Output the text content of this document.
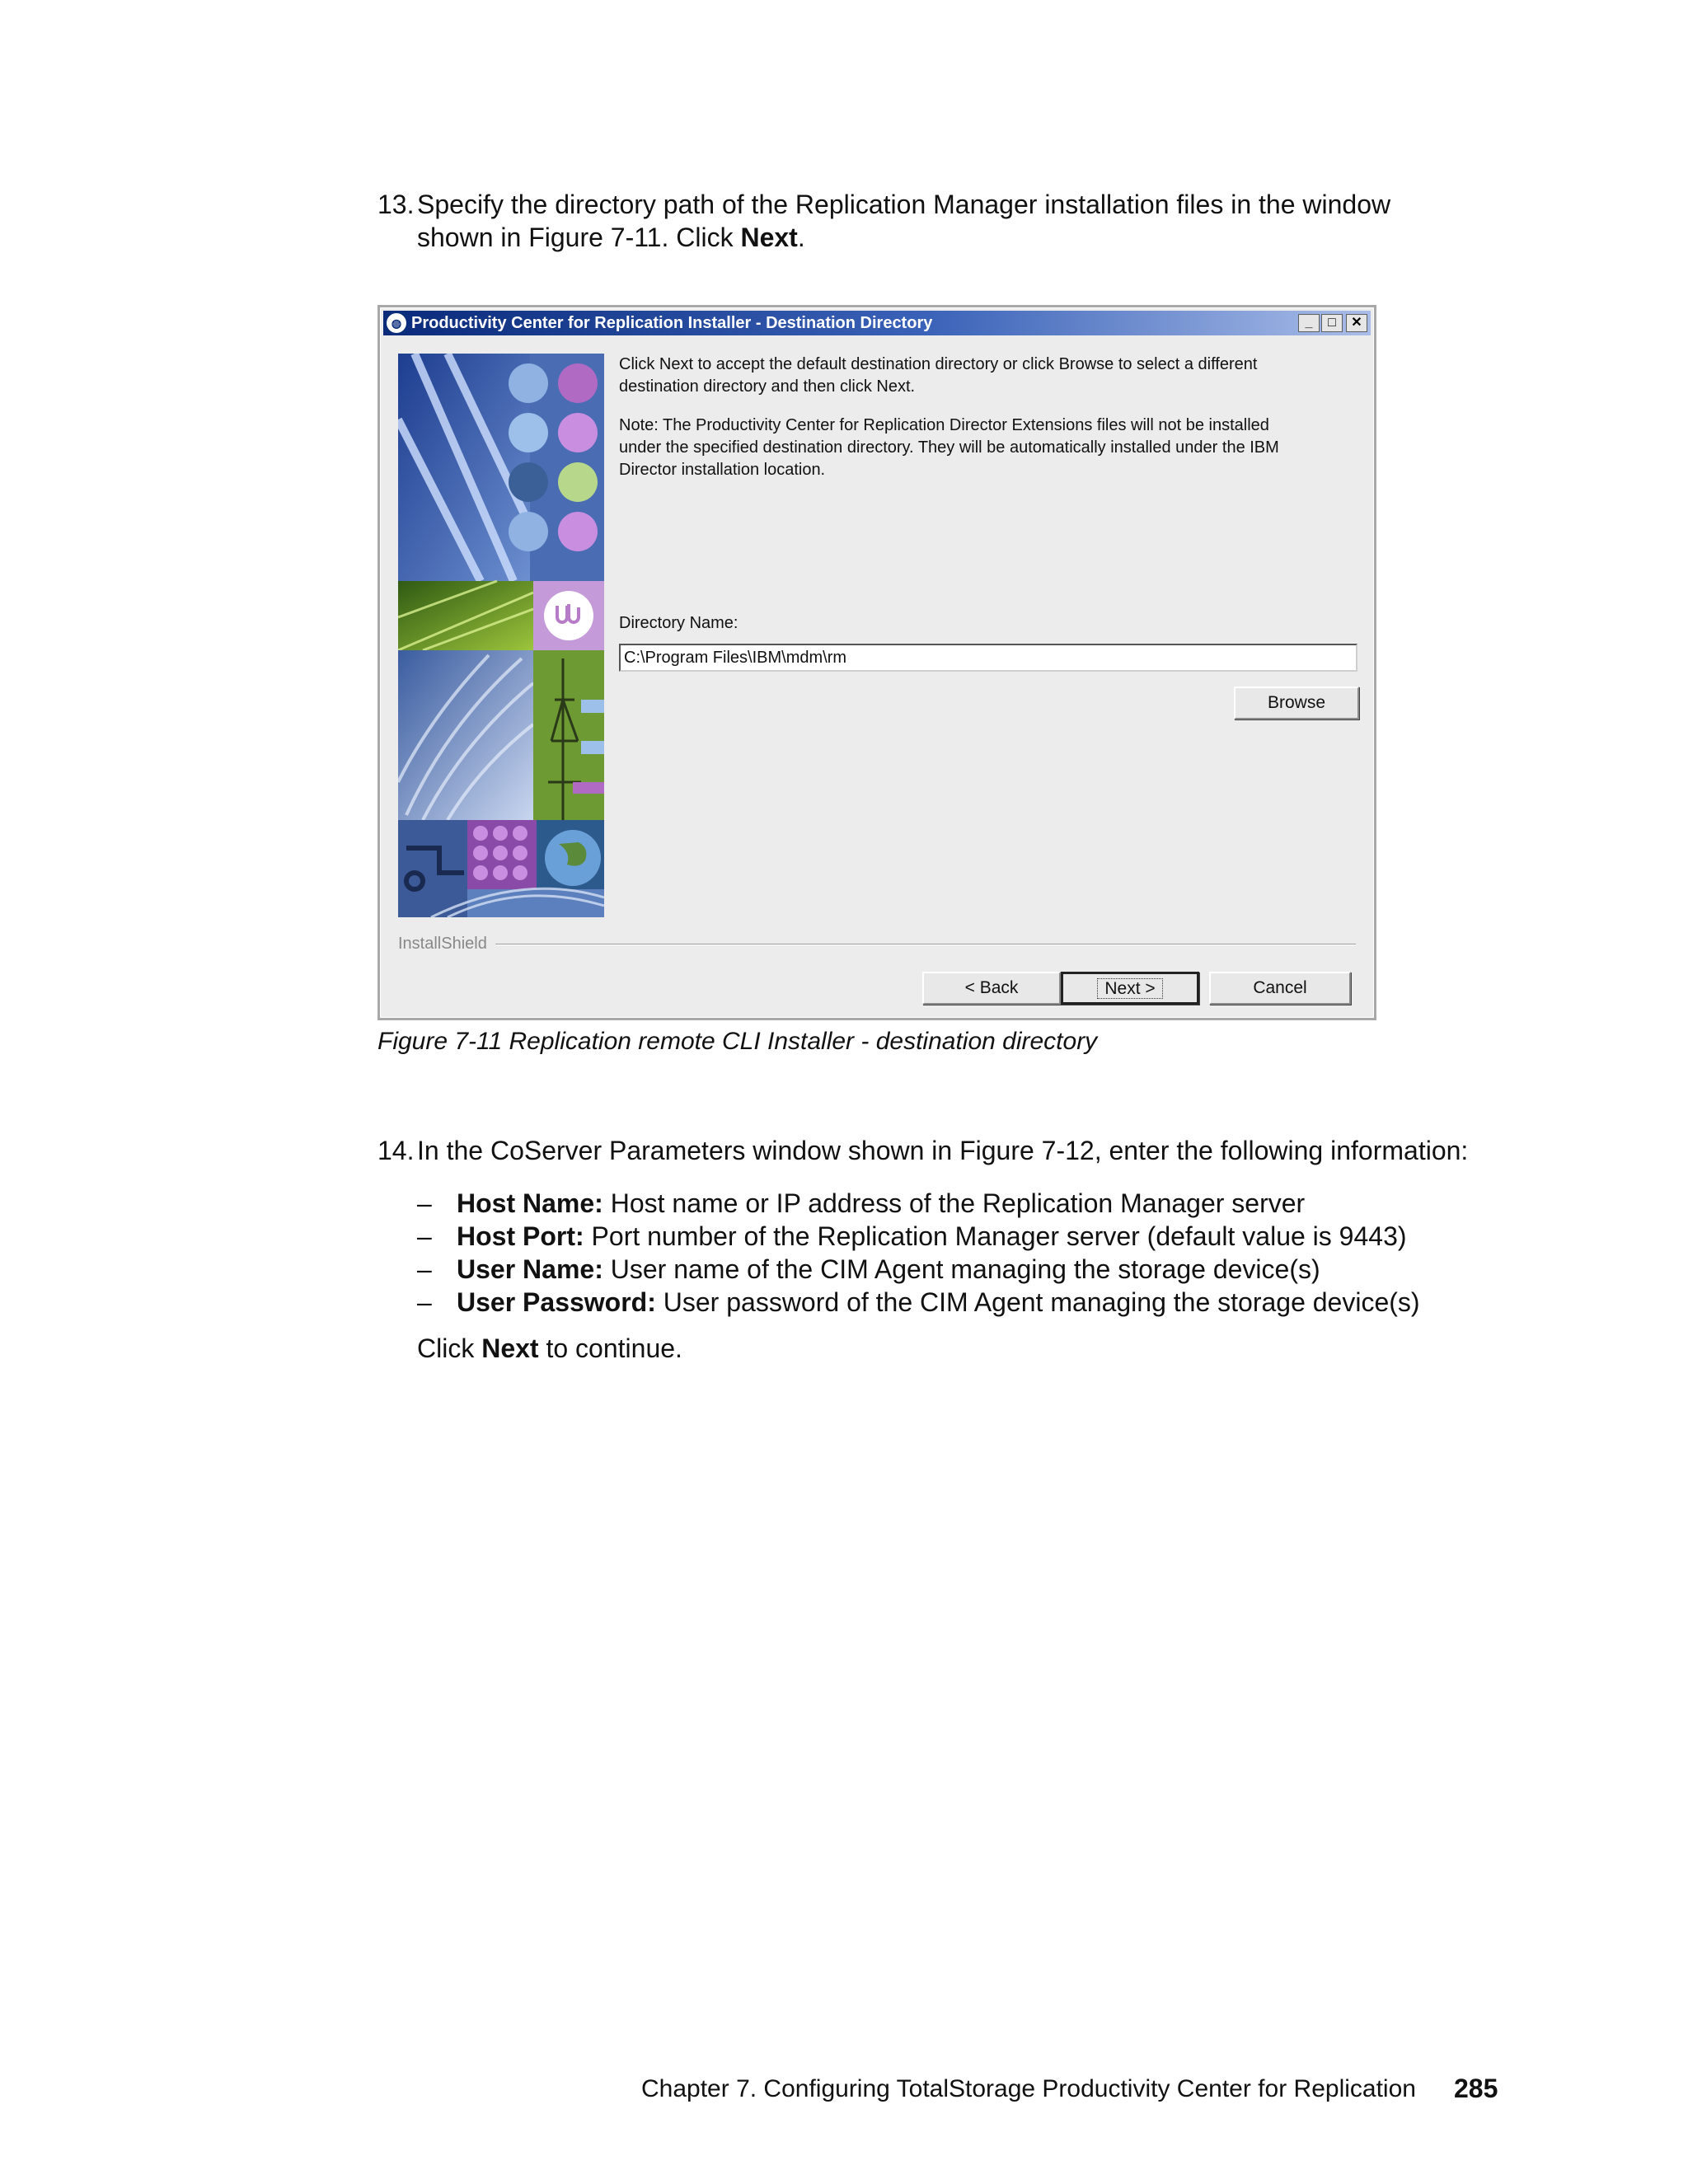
13. Specify the directory path of the Replication Manager installation files in the window
shown in Figure 7-11. Click Next.
◍ Productivity Center for Replication Installer - Destination Directory	_	□	✕
Click Next to accept the default destination directory or click Browse to select a different
destination directory and then click Next.
Note: The Productivity Center for Replication Director Extensions files will not be installed
under the specified destination directory. They will be automatically installed under the IBM
Director installation location.
Directory Name:
C:\Program Files\IBM\mdm\rm
Browse
InstallShield
< Back	Next >	Cancel
Figure 7-11 Replication remote CLI Installer - destination directory
14. In the CoServer Parameters window shown in Figure 7-12, enter the following information:
– Host Name: Host name or IP address of the Replication Manager server
– Host Port: Port number of the Replication Manager server (default value is 9443)
– User Name: User name of the CIM Agent managing the storage device(s)
– User Password: User password of the CIM Agent managing the storage device(s)
Click Next to continue.
Chapter 7. Configuring TotalStorage Productivity Center for Replication 285
